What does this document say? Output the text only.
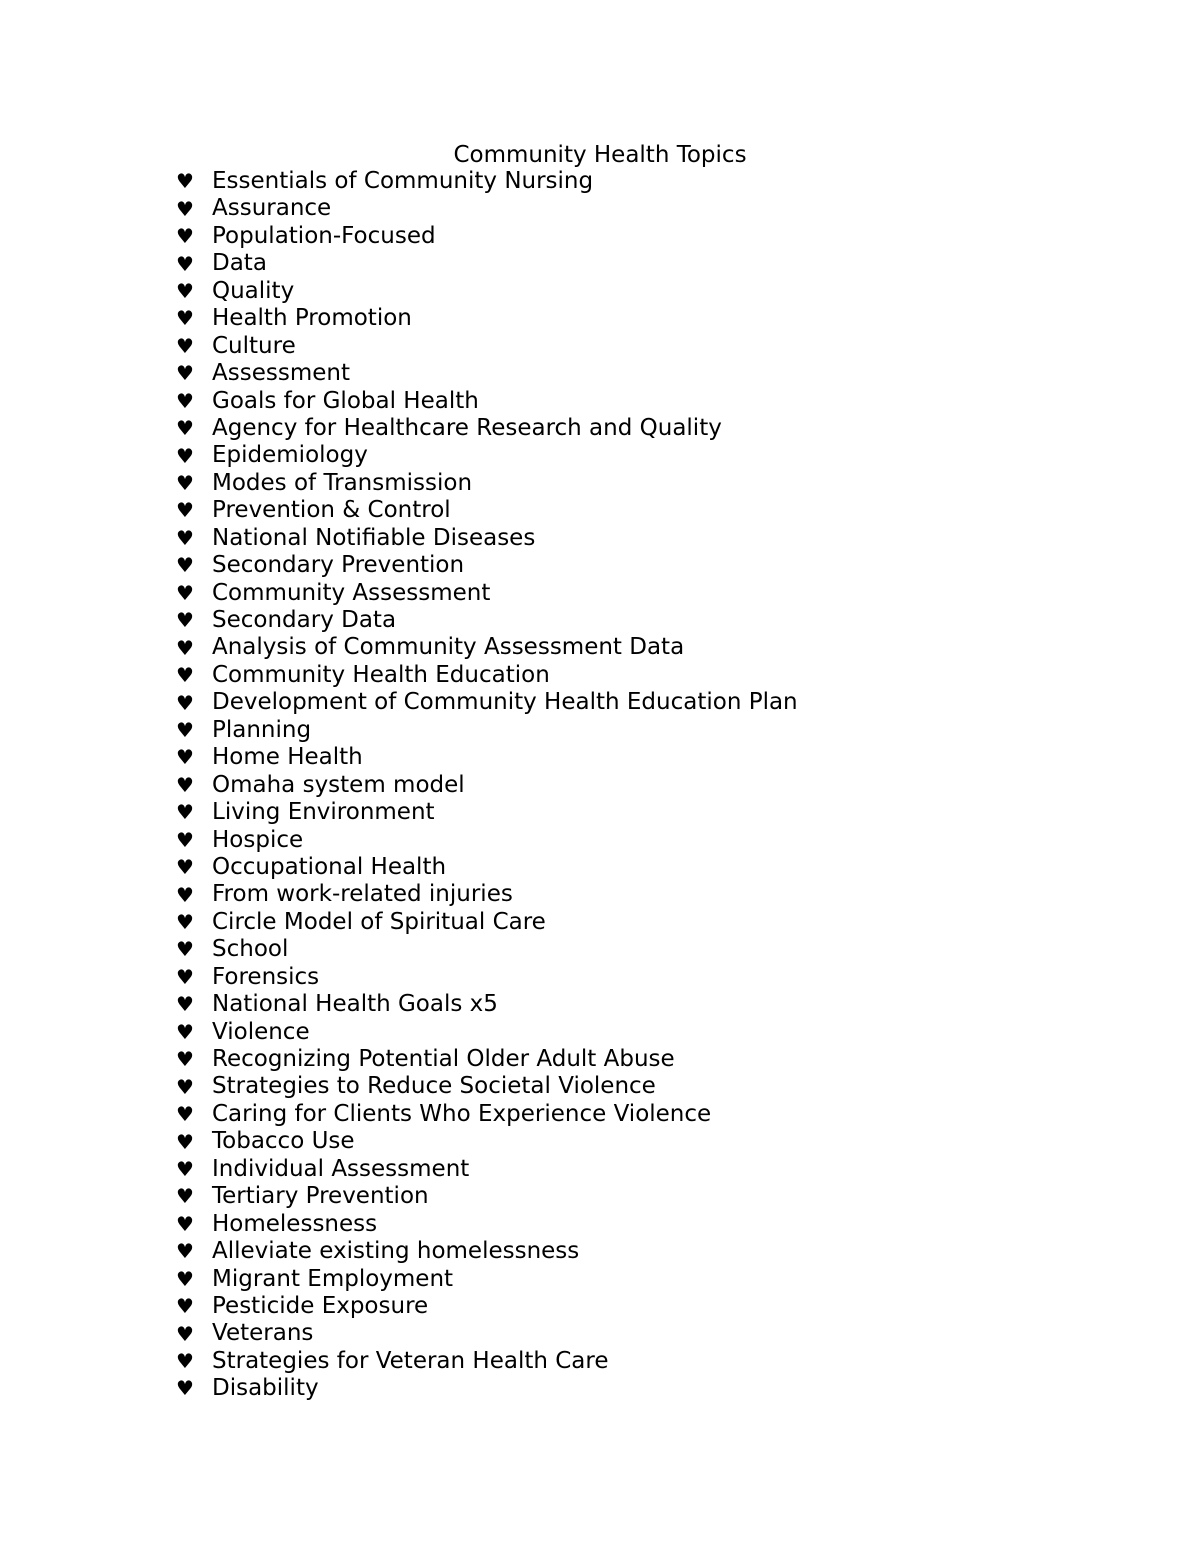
Community Health Topics
♥ Essentials of Community Nursing
♥ Assurance
♥ Population-Focused
♥ Data
♥ Quality
♥ Health Promotion
♥ Culture
♥ Assessment
♥ Goals for Global Health
♥ Agency for Healthcare Research and Quality
♥ Epidemiology
♥ Modes of Transmission
♥ Prevention & Control
♥ National Notifiable Diseases
♥ Secondary Prevention
♥ Community Assessment
♥ Secondary Data
♥ Analysis of Community Assessment Data
♥ Community Health Education
♥ Development of Community Health Education Plan
♥ Planning
♥ Home Health
♥ Omaha system model
♥ Living Environment
♥ Hospice
♥ Occupational Health
♥ From work-related injuries
♥ Circle Model of Spiritual Care
♥ School
♥ Forensics
♥ National Health Goals x5
♥ Violence
♥ Recognizing Potential Older Adult Abuse
♥ Strategies to Reduce Societal Violence
♥ Caring for Clients Who Experience Violence
♥ Tobacco Use
♥ Individual Assessment
♥ Tertiary Prevention
♥ Homelessness
♥ Alleviate existing homelessness
♥ Migrant Employment
♥ Pesticide Exposure
♥ Veterans
♥ Strategies for Veteran Health Care
♥ Disability
